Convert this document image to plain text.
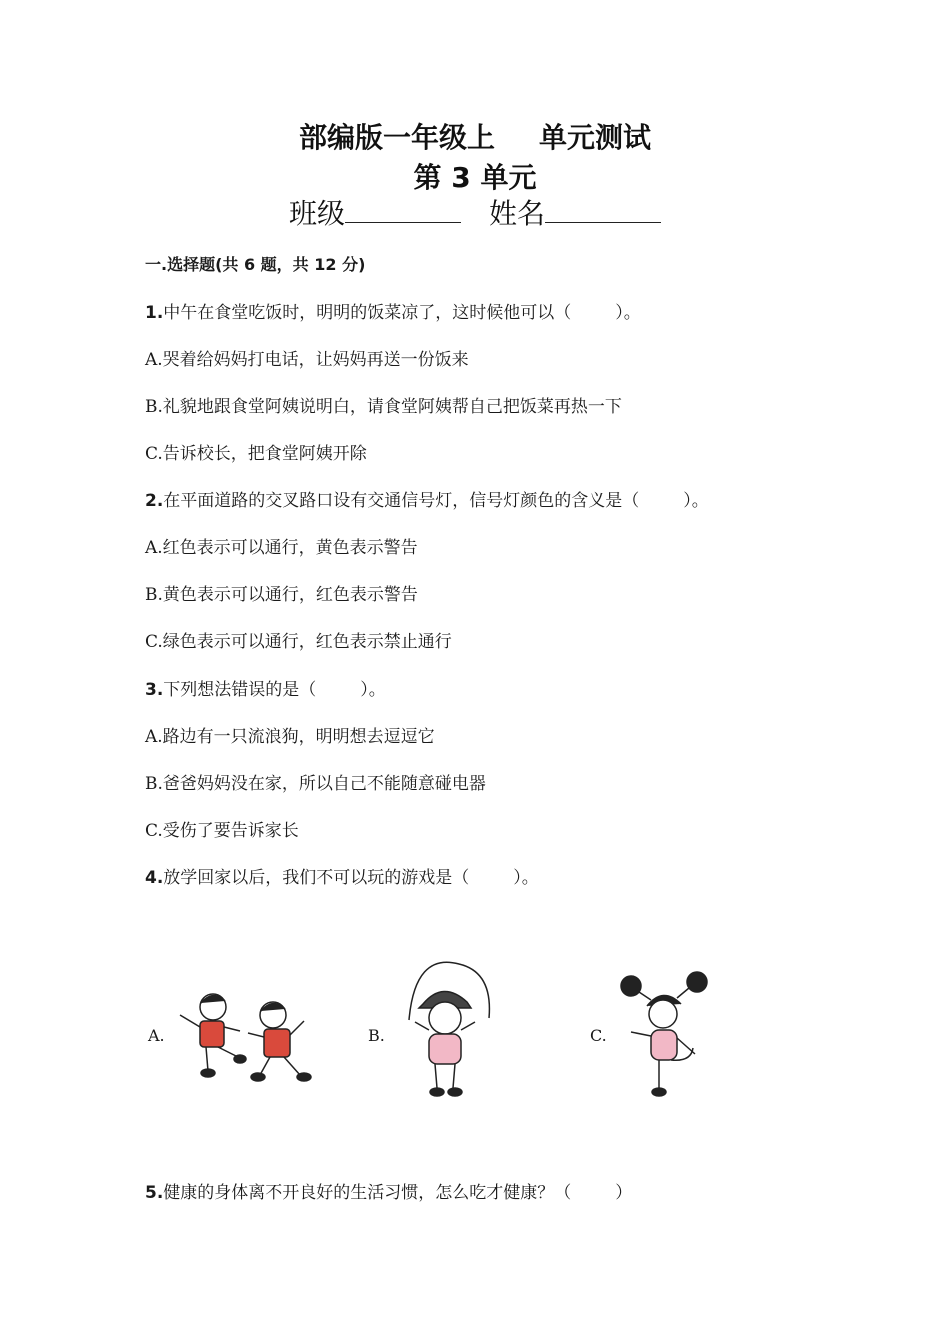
部编版一年级上 单元测试
第 3 单元
班级	姓名
一.选择题(共 6 题，共 12 分)
1.中午在食堂吃饭时，明明的饭菜凉了，这时候他可以（	）。
A.哭着给妈妈打电话，让妈妈再送一份饭来
B.礼貌地跟食堂阿姨说明白，请食堂阿姨帮自己把饭菜再热一下
C.告诉校长，把食堂阿姨开除
2.在平面道路的交叉路口设有交通信号灯，信号灯颜色的含义是（	）。
A.红色表示可以通行，黄色表示警告
B.黄色表示可以通行，红色表示警告
C.绿色表示可以通行，红色表示禁止通行
3.下列想法错误的是（	）。
A.路边有一只流浪狗，明明想去逗逗它
B.爸爸妈妈没在家，所以自己不能随意碰电器
C.受伤了要告诉家长
4.放学回家以后，我们不可以玩的游戏是（	）。
A.	B.	C.
5.健康的身体离不开良好的生活习惯，怎么吃才健康？（	）
